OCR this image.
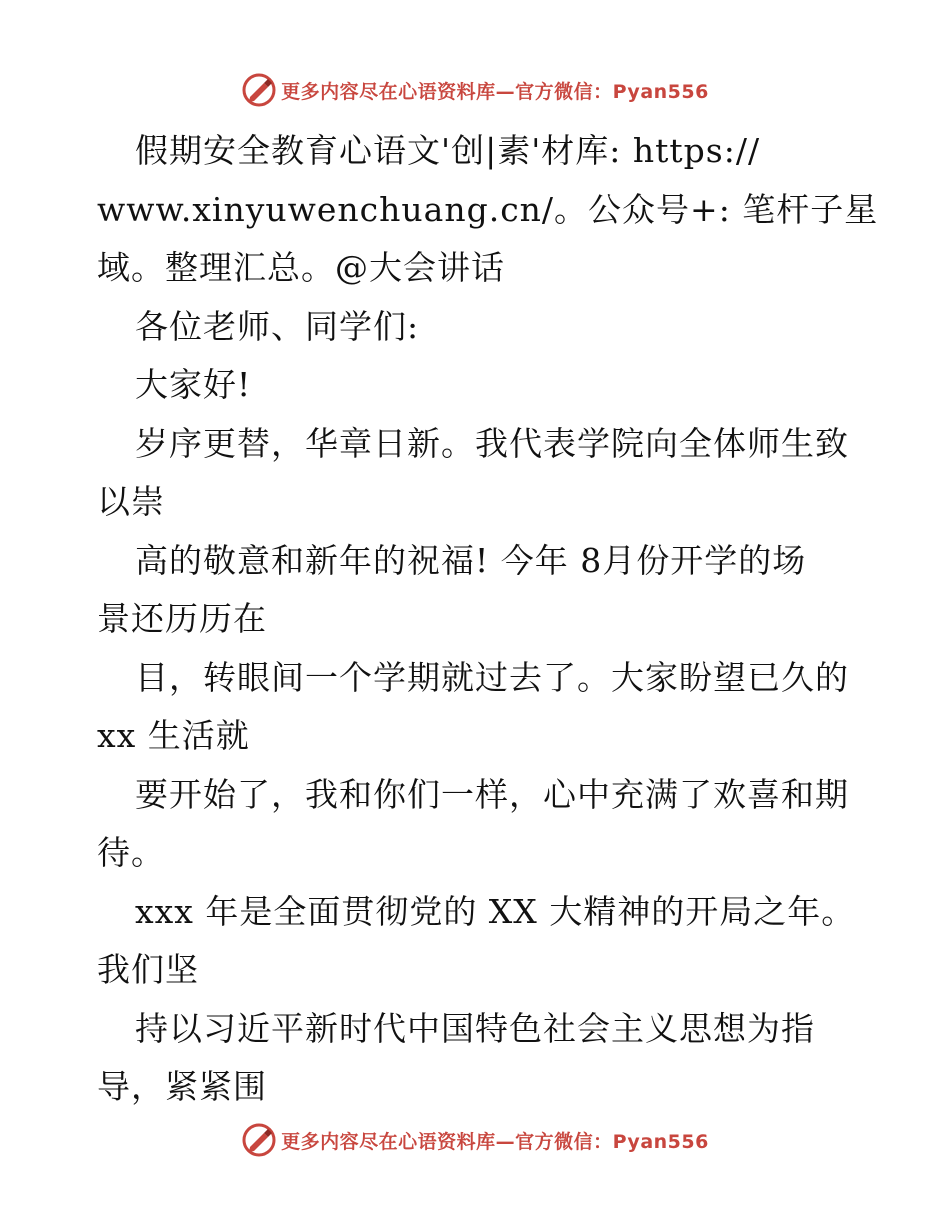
更多内容尽在心语资料库—官方微信：Pyan556
假期安全教育心语文'创|素'材库: https://
www.xinyuwenchuang.cn/。公众号+: 笔杆子星
域。整理汇总。@大会讲话
各位老师、同学们:
大家好!
岁序更替，华章日新。我代表学院向全体师生致
以崇
高的敬意和新年的祝福! 今年 8月份开学的场
景还历历在
目，转眼间一个学期就过去了。大家盼望已久的
xx 生活就
要开始了，我和你们一样，心中充满了欢喜和期
待。
xxx 年是全面贯彻党的 XX 大精神的开局之年。
我们坚
持以习近平新时代中国特色社会主义思想为指
导，紧紧围
更多内容尽在心语资料库—官方微信：Pyan556
